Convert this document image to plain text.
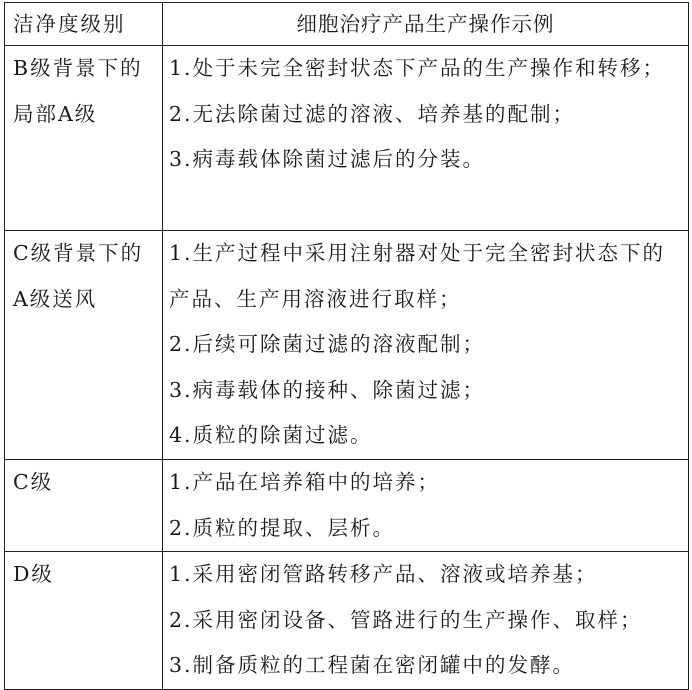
洁净度级别	细胞治疗产品生产操作示例
B级背景下的局部A级	1.处于未完全密封状态下产品的生产操作和转移；
2.无法除菌过滤的溶液、培养基的配制；
3.病毒载体除菌过滤后的分装。

C级背景下的A级送风	1.生产过程中采用注射器对处于完全密封状态下的产品、生产用溶液进行取样；
2.后续可除菌过滤的溶液配制；
3.病毒载体的接种、除菌过滤；
4.质粒的除菌过滤。

C级	1.产品在培养箱中的培养；
2.质粒的提取、层析。

D级	1.采用密闭管路转移产品、溶液或培养基；
2.采用密闭设备、管路进行的生产操作、取样；
3.制备质粒的工程菌在密闭罐中的发酵。
